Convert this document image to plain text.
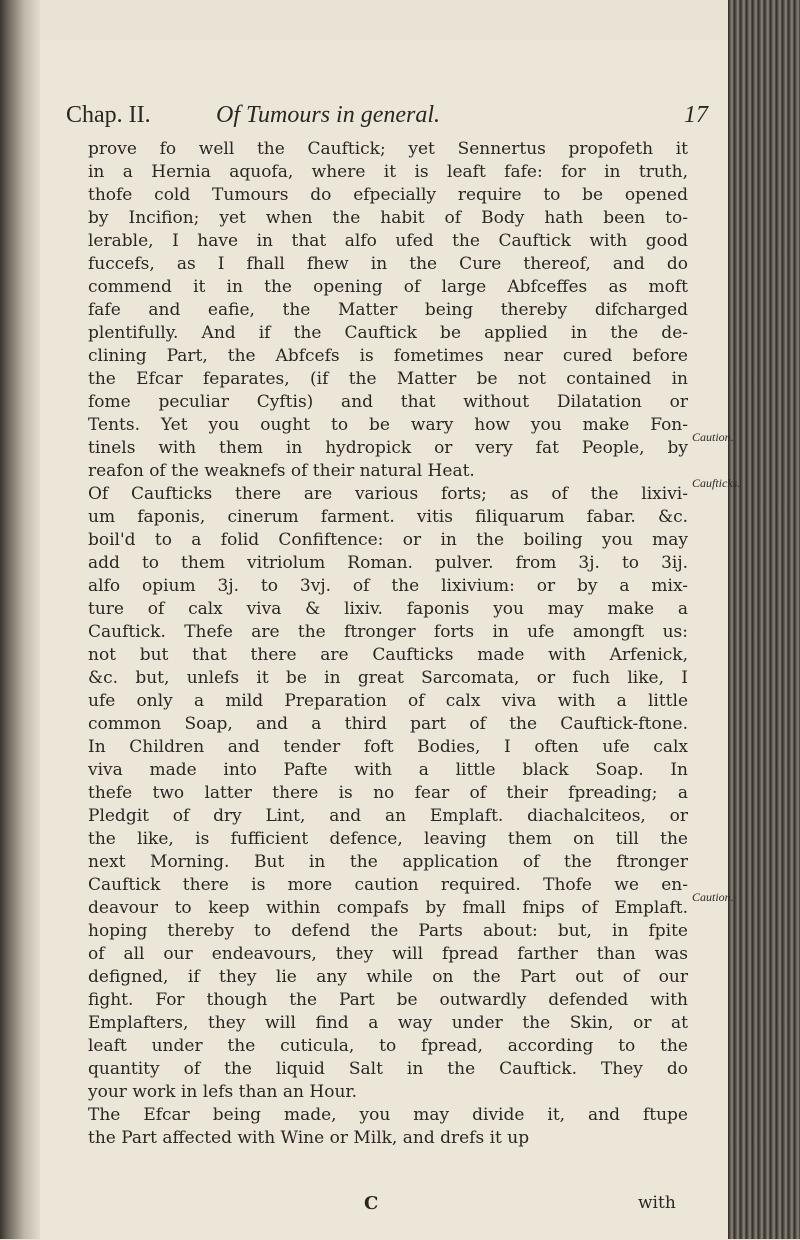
Chap. II.	Of Tumours in general.	17
prove fo well the Cauftick; yet Sennertus propofeth it
in a Hernia aquofa, where it is leaft fafe: for in truth,
thofe cold Tumours do efpecially require to be opened
by Incifion; yet when the habit of Body hath been to-
lerable, I have in that alfo ufed the Cauftick with good
fuccefs, as I fhall fhew in the Cure thereof, and do
commend it in the opening of large Abfceffes as moft
fafe and eafie, the Matter being thereby difcharged
plentifully. And if the Cauftick be applied in the de-
clining Part, the Abfcefs is fometimes near cured before
the Efcar feparates, (if the Matter be not contained in
fome peculiar Cyftis) and that without Dilatation or
Tents. Yet you ought to be wary how you make Fon-
tinels with them in hydropick or very fat People, by
reafon of the weaknefs of their natural Heat.
Of Caufticks there are various forts; as of the lixivi-
um faponis, cinerum farment. vitis filiquarum fabar. &c.
boil'd to a folid Confiftence: or in the boiling you may
add to them vitriolum Roman. pulver. from 3j. to 3ij.
alfo opium 3j. to 3vj. of the lixivium: or by a mix-
ture of calx viva & lixiv. faponis you may make a
Cauftick. Thefe are the ftronger forts in ufe amongft us:
not but that there are Caufticks made with Arfenick,
&c. but, unlefs it be in great Sarcomata, or fuch like, I
ufe only a mild Preparation of calx viva with a little
common Soap, and a third part of the Cauftick-ftone.
In Children and tender foft Bodies, I often ufe calx
viva made into Pafte with a little black Soap. In
thefe two latter there is no fear of their fpreading; a
Pledgit of dry Lint, and an Emplaft. diachalciteos, or
the like, is fufficient defence, leaving them on till the
next Morning. But in the application of the ftronger
Cauftick there is more caution required. Thofe we en-
deavour to keep within compafs by fmall fnips of Emplaft.
hoping thereby to defend the Parts about: but, in fpite
of all our endeavours, they will fpread farther than was
defigned, if they lie any while on the Part out of our
fight. For though the Part be outwardly defended with
Emplafters, they will find a way under the Skin, or at
leaft under the cuticula, to fpread, according to the
quantity of the liquid Salt in the Cauftick. They do
your work in lefs than an Hour.
The Efcar being made, you may divide it, and ftupe
the Part affected with Wine or Milk, and drefs it up
Caution.
Caufticks.
Caution.
C	with
